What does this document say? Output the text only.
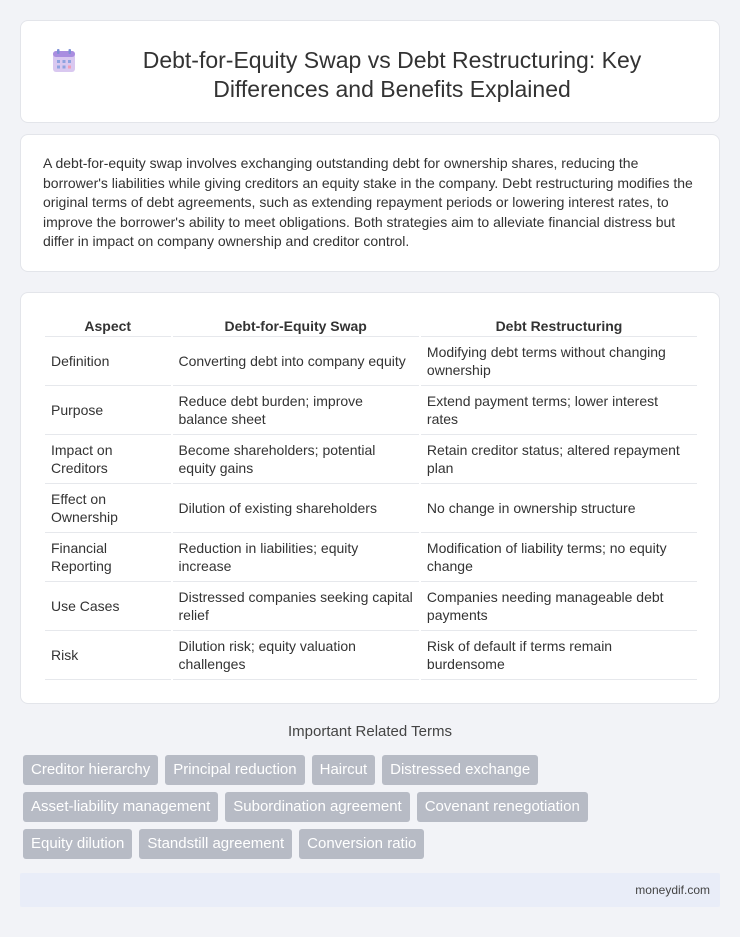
Debt-for-Equity Swap vs Debt Restructuring: Key Differences and Benefits Explained

A debt-for-equity swap involves exchanging outstanding debt for ownership shares, reducing the borrower's liabilities while giving creditors an equity stake in the company. Debt restructuring modifies the original terms of debt agreements, such as extending repayment periods or lowering interest rates, to improve the borrower's ability to meet obligations. Both strategies aim to alleviate financial distress but differ in impact on company ownership and creditor control.

Aspect	Debt-for-Equity Swap	Debt Restructuring
Definition	Converting debt into company equity	Modifying debt terms without changing ownership
Purpose	Reduce debt burden; improve balance sheet	Extend payment terms; lower interest rates
Impact on Creditors	Become shareholders; potential equity gains	Retain creditor status; altered repayment plan
Effect on Ownership	Dilution of existing shareholders	No change in ownership structure
Financial Reporting	Reduction in liabilities; equity increase	Modification of liability terms; no equity change
Use Cases	Distressed companies seeking capital relief	Companies needing manageable debt payments
Risk	Dilution risk; equity valuation challenges	Risk of default if terms remain burdensome
Important Related Terms
Creditor hierarchy	Principal reduction	Haircut	Distressed exchange
Asset-liability management	Subordination agreement	Covenant renegotiation
Equity dilution	Standstill agreement	Conversion ratio
moneydif.com
